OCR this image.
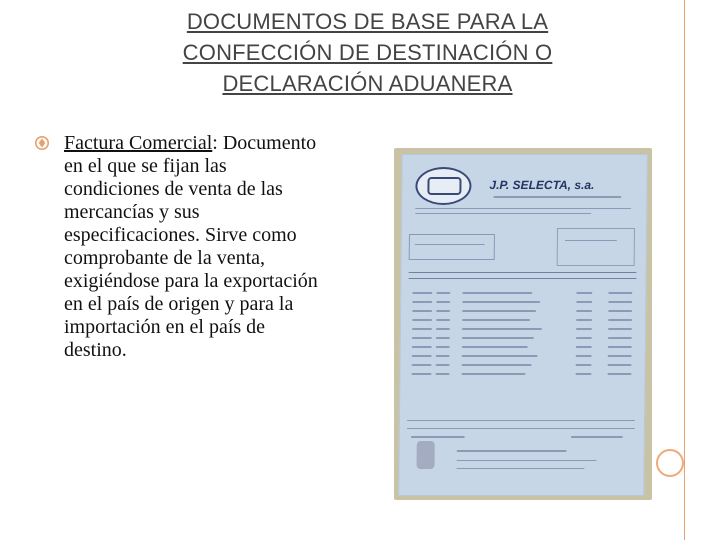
DOCUMENTOS DE BASE PARA LA
CONFECCIÓN DE DESTINACIÓN O
DECLARACIÓN ADUANERA
Factura Comercial: Documento en el que se fijan las condiciones de venta de las mercancías y sus especificaciones. Sirve como comprobante de la venta, exigiéndose para la exportación en el país de origen y para la importación en el país de destino.
J.P. SELECTA, s.a.
